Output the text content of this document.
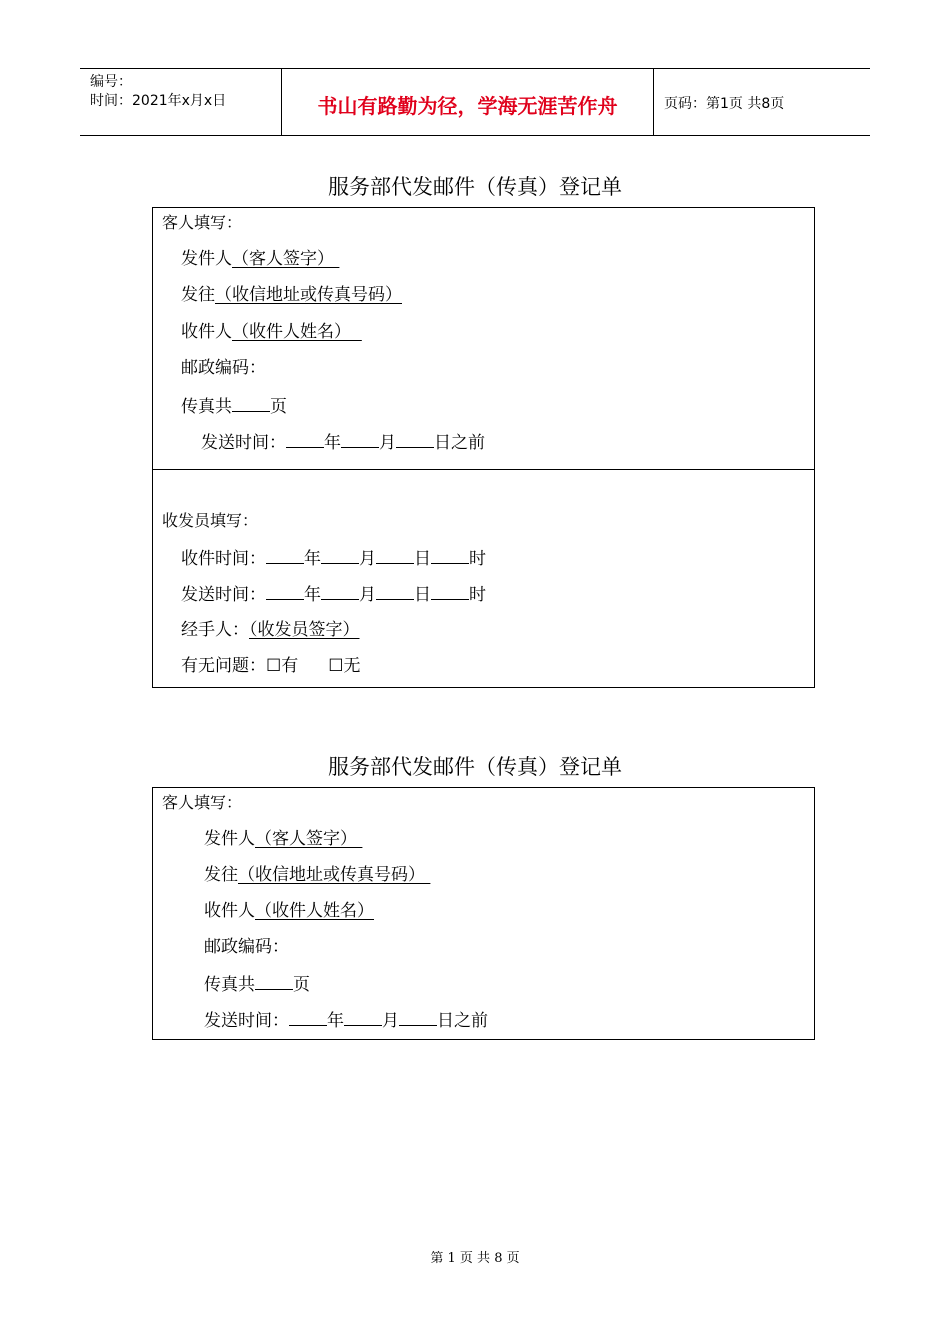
编号：
时间：2021年x月x日	书山有路勤为径，学海无涯苦作舟	页码：第1页 共8页
服务部代发邮件（传真）登记单
客人填写：
发件人（客人签字）
发往（收信地址或传真号码）
收件人（收件人姓名）
邮政编码：
传真共 页
发送时间： 年 月 日之前
收发员填写：
收件时间： 年 月 日 时
发送时间： 年 月 日 时
经手人：（收发员签字）
有无问题：☐有 ☐无
服务部代发邮件（传真）登记单
客人填写：
发件人（客人签字）
发往（收信地址或传真号码）
收件人（收件人姓名）
邮政编码：
传真共 页
发送时间： 年 月 日之前
第 1 页 共 8 页
